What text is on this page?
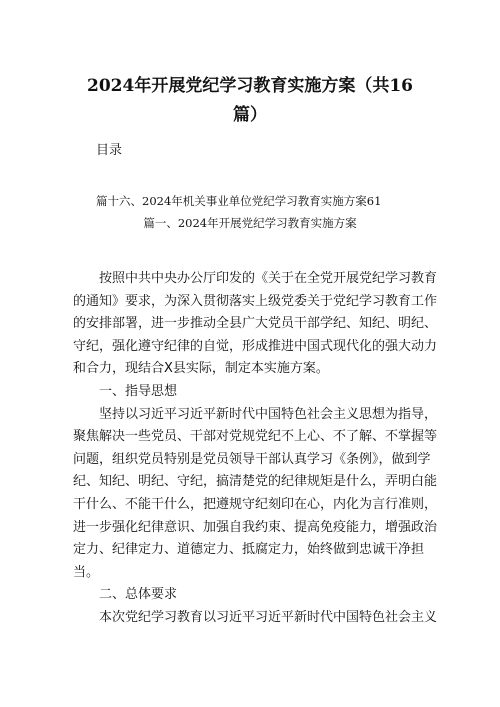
2024年开展党纪学习教育实施方案（共16
篇）
目录
篇十六、2024年机关事业单位党纪学习教育实施方案61
篇一、2024年开展党纪学习教育实施方案
按照中共中央办公厅印发的《关于在全党开展党纪学习教育
的通知》要求，为深入贯彻落实上级党委关于党纪学习教育工作
的安排部署，进一步推动全县广大党员干部学纪、知纪、明纪、
守纪，强化遵守纪律的自觉，形成推进中国式现代化的强大动力
和合力，现结合X县实际，制定本实施方案。
一、指导思想
坚持以习近平习近平新时代中国特色社会主义思想为指导，
聚焦解决一些党员、干部对党规党纪不上心、不了解、不掌握等
问题，组织党员特别是党员领导干部认真学习《条例》，做到学
纪、知纪、明纪、守纪，搞清楚党的纪律规矩是什么，弄明白能
干什么、不能干什么，把遵规守纪刻印在心，内化为言行准则，
进一步强化纪律意识、加强自我约束、提高免疫能力，增强政治
定力、纪律定力、道德定力、抵腐定力，始终做到忠诚干净担
当。
二、总体要求
本次党纪学习教育以习近平习近平新时代中国特色社会主义
